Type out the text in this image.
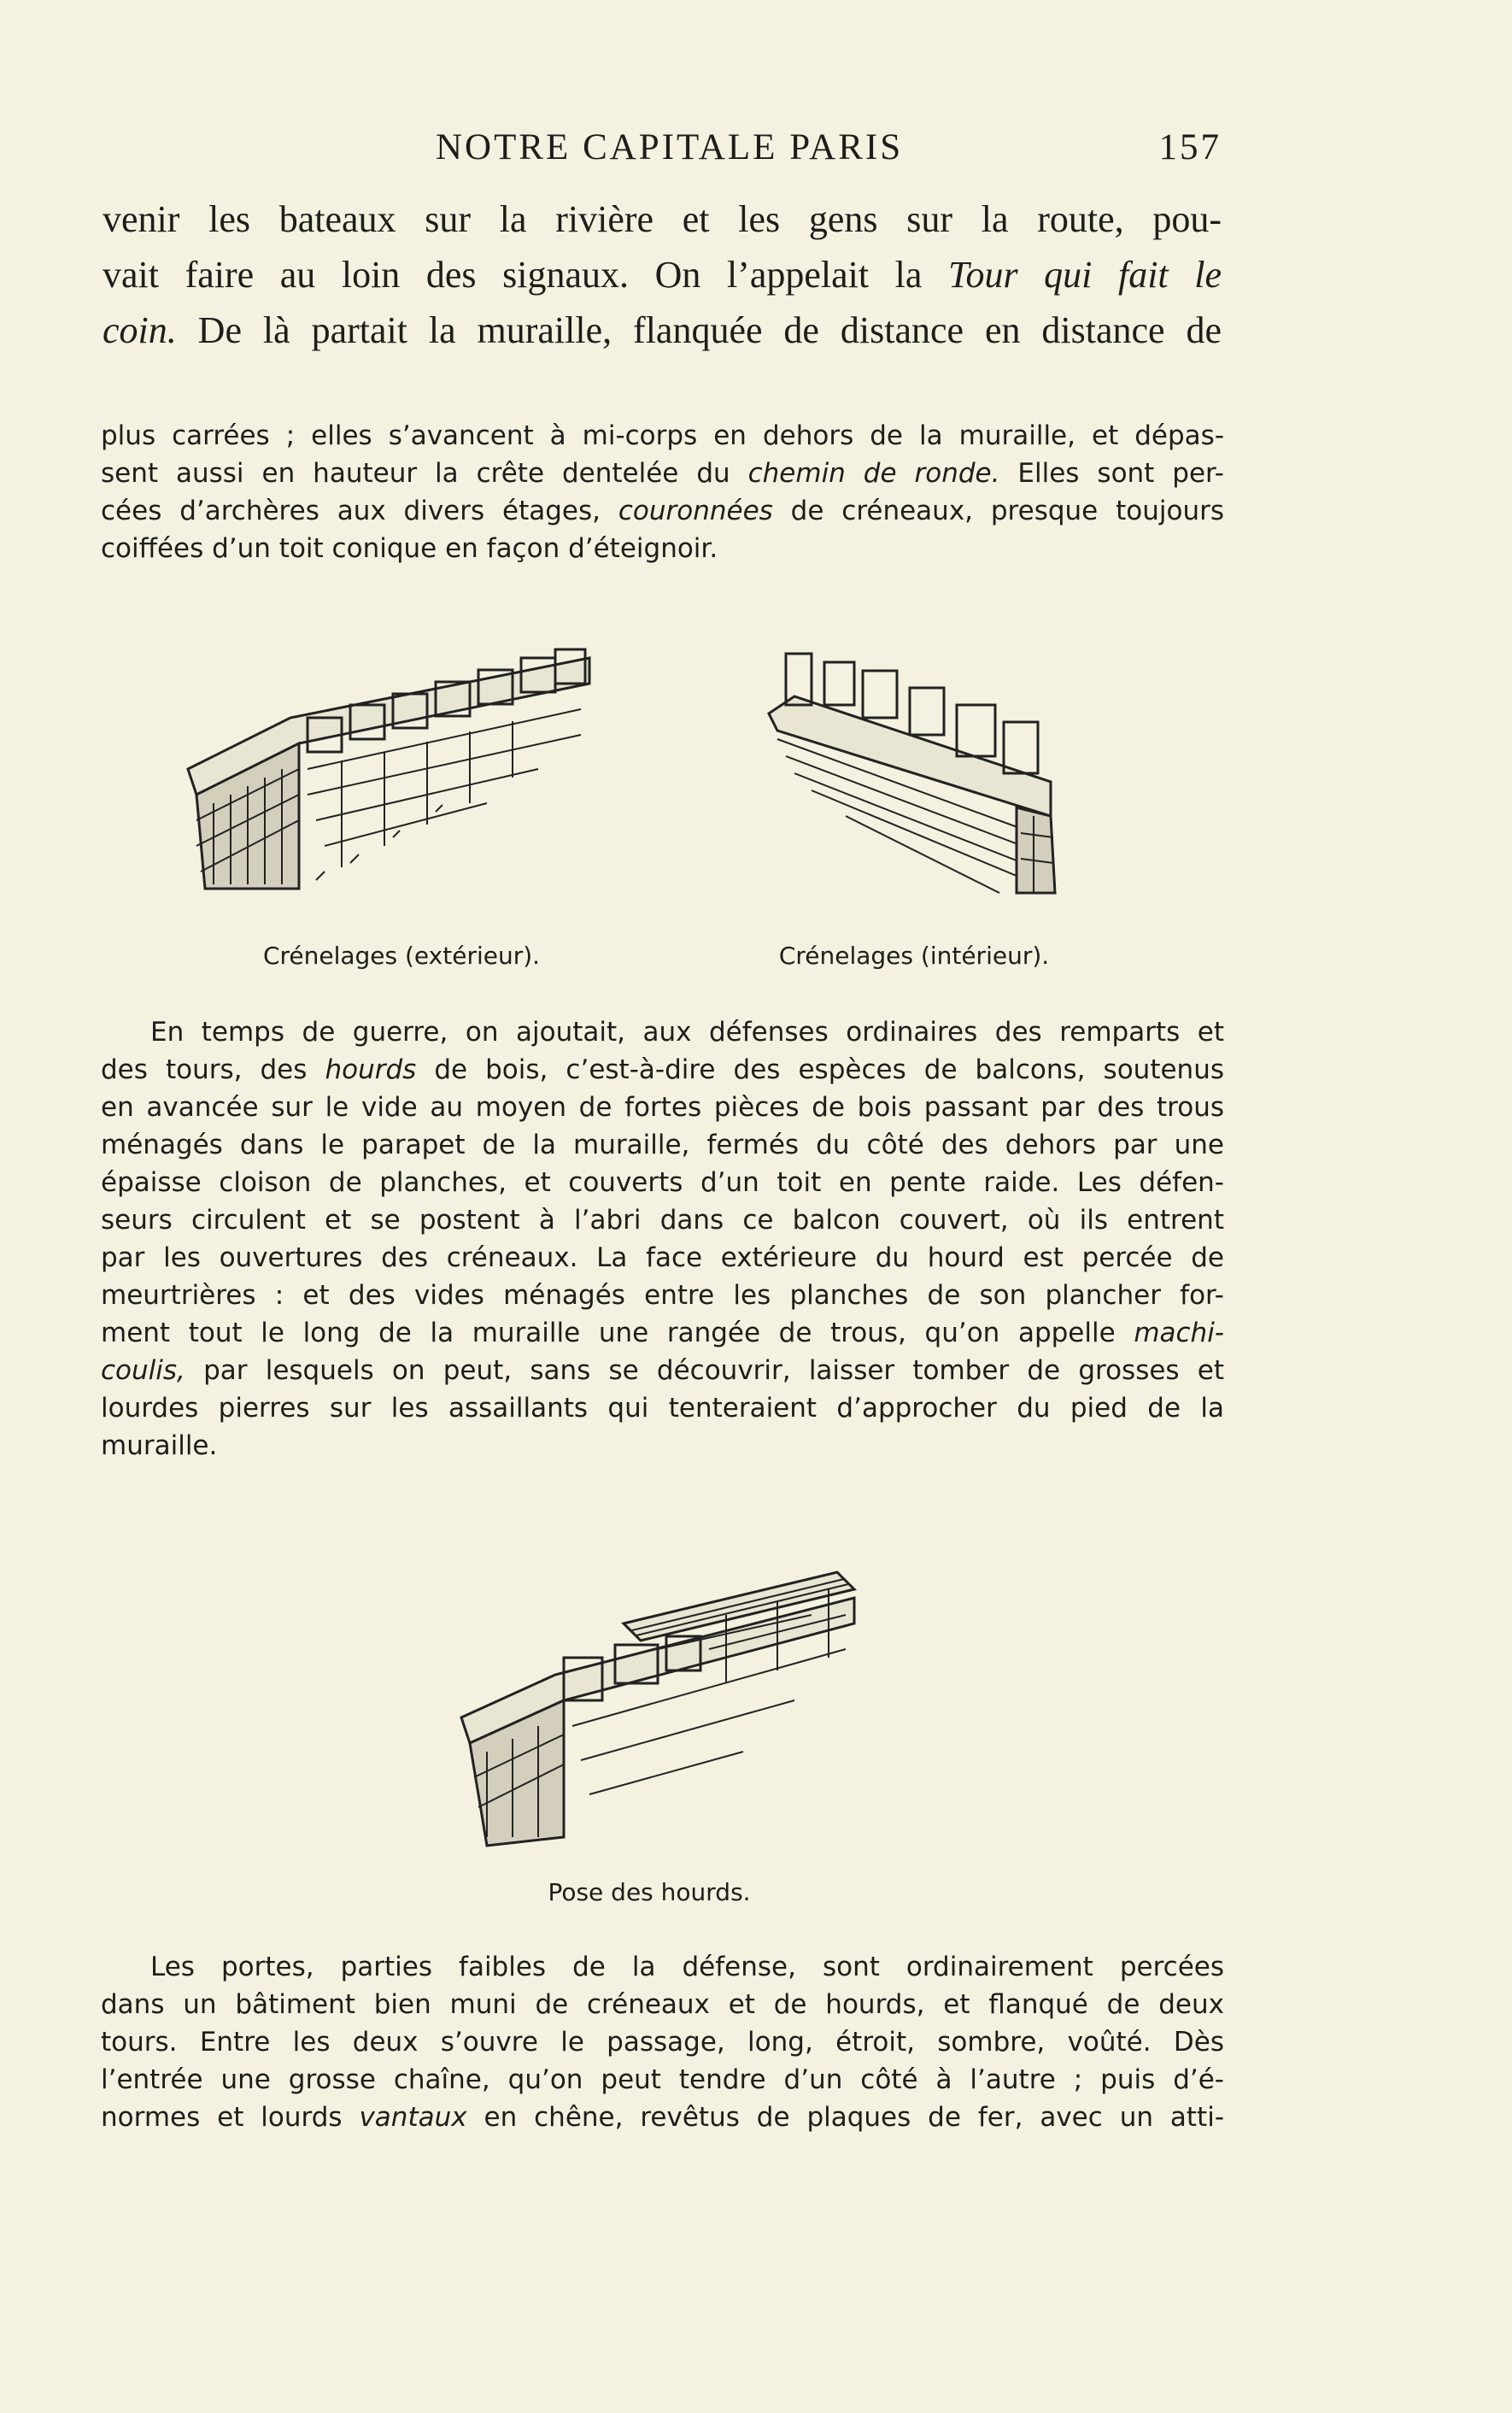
NOTRE CAPITALE PARIS	157
venir les bateaux sur la rivière et les gens sur la route, pou-
vait faire au loin des signaux. On l’appelait la Tour qui fait le
coin. De là partait la muraille, flanquée de distance en distance de
plus carrées ; elles s’avancent à mi-corps en dehors de la muraille, et dépas-
sent aussi en hauteur la crête dentelée du chemin de ronde. Elles sont per-
cées d’archères aux divers étages, couronnées de créneaux, presque toujours
coiffées d’un toit conique en façon d’éteignoir.
Crénelages (extérieur).	Crénelages (intérieur).
En temps de guerre, on ajoutait, aux défenses ordinaires des remparts et
des tours, des hourds de bois, c’est-à-dire des espèces de balcons, soutenus
en avancée sur le vide au moyen de fortes pièces de bois passant par des trous
ménagés dans le parapet de la muraille, fermés du côté des dehors par une
épaisse cloison de planches, et couverts d’un toit en pente raide. Les défen-
seurs circulent et se postent à l’abri dans ce balcon couvert, où ils entrent
par les ouvertures des créneaux. La face extérieure du hourd est percée de
meurtrières : et des vides ménagés entre les planches de son plancher for-
ment tout le long de la muraille une rangée de trous, qu’on appelle machi-
coulis, par lesquels on peut, sans se découvrir, laisser tomber de grosses et
lourdes pierres sur les assaillants qui tenteraient d’approcher du pied de la
muraille.
Pose des hourds.
Les portes, parties faibles de la défense, sont ordinairement percées
dans un bâtiment bien muni de créneaux et de hourds, et flanqué de deux
tours. Entre les deux s’ouvre le passage, long, étroit, sombre, voûté. Dès
l’entrée une grosse chaîne, qu’on peut tendre d’un côté à l’autre ; puis d’é-
normes et lourds vantaux en chêne, revêtus de plaques de fer, avec un atti-
